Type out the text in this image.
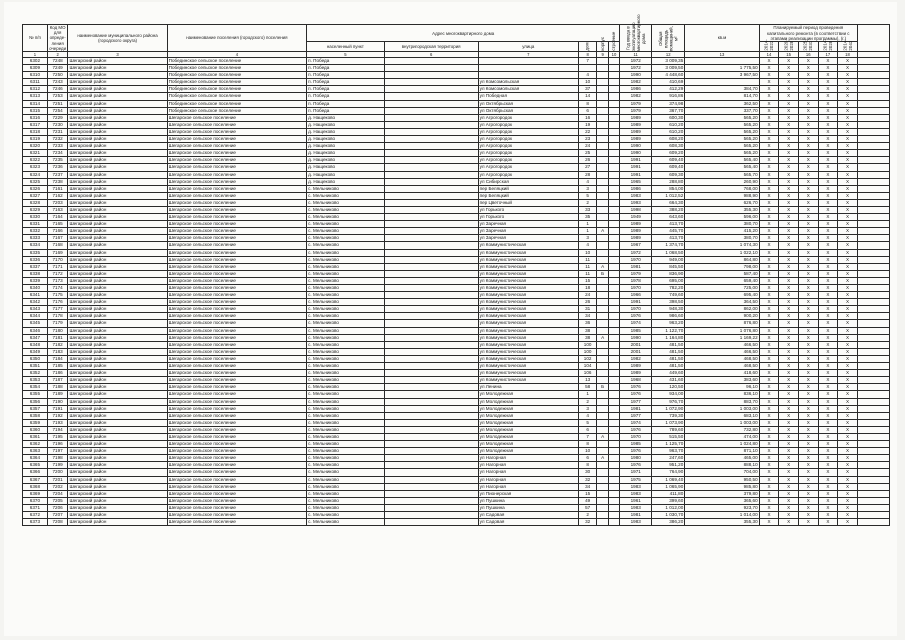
№ п/п	Код МО для опреде-ления очереди	наименование муниципального района (городского округа)	наименование поселения (городского) поселения	Адрес многоквартирного дома						Год ввода в эксплуатацию многоквартирного дома	Общая площадь помещений, м²	кв.м	Планируемый период проведения капитального ремонта (в соответствии с этапами реализации программы), (г.)					
				населенный пункт	внутригородская территория	улица	дом	корпус	строение				2014-2023	2020-2028	2025-2031	2014-2028	2014-2043	
1	2	3	4	5	6	7	8	9	10	11	12	13	14	15	16	17	18	
6302	7248	Шегарский район	Побединское сельское поселение	п. Победа			7			1972	3 009,35		X	X	X	X	X	
6309	7249	Шегарский район	Побединское сельское поселение	п. Победа						1972	3 009,50	1 775,50	X	X	X	X	X	
6310	7250	Шегарский район	Побединское сельское поселение	п. Победа			4			1990	4 448,60	3 967,50	X	X	X	X	X	
6311	7243	Шегарский район	Побединское сельское поселение	п. Победа		ул Комсомольская	10			1982	410,69		X	X	X	X	X	
6312	7246	Шегарский район	Побединское сельское поселение	п. Победа		ул Комсомольская	37			1986	412,29	384,70	X	X	X	X	X	
6313	7253	Шегарский район	Побединское сельское поселение	п. Победа		ул Победная	14			1982	916,86	814,70	X	X	X	X	X	
6314	7251	Шегарский район	Побединское сельское поселение	п. Победа		ул Октябрьская	8			1979	374,98	362,50	X	X	X	X	X	
6315	7254	Шегарский район	Побединское сельское поселение	п. Победа		ул Октябрьская	6			1979	367,70	337,70	X	X	X	X	X	
6316	7229	Шегарский район	Шегарское сельское поселение	д. Нащеково		ул Агрогородок	16			1989	600,30	565,20	X	X	X	X	X	
6317	7230	Шегарский район	Шегарское сельское поселение	д. Нащеково		ул Агрогородок	19			1989	610,20	565,20	X	X	X	X	X	
6318	7231	Шегарский район	Шегарское сельское поселение	д. Нащеково		ул Агрогородок	22			1989	610,20	565,20	X	X	X	X	X	
6319	7232	Шегарский район	Шегарское сельское поселение	д. Нащеково		ул Агрогородок	23			1989	608,20	565,20	X	X	X	X	X	
6320	7233	Шегарский район	Шегарское сельское поселение	д. Нащеково		ул Агрогородок	24			1990	608,30	565,20	X	X	X	X	X	
6321	7234	Шегарский район	Шегарское сельское поселение	д. Нащеково		ул Агрогородок	25			1990	609,20	565,20	X	X	X	X	X	
6322	7235	Шегарский район	Шегарское сельское поселение	д. Нащеково		ул Агрогородок	26			1991	609,40	565,40	X	X	X	X	X	
6323	7236	Шегарский район	Шегарское сельское поселение	д. Нащеково		ул Агрогородок	27			1991	609,40	565,40	X	X	X	X	X	
6324	7237	Шегарский район	Шегарское сельское поселение	д. Нащеково		ул Агрогородок	28			1991	609,30	565,70	X	X	X	X	X	
6325	7238	Шегарский район	Шегарское сельское поселение	д. Нащеково		ул Сибирская	4			1965	288,80	260,90	X	X	X	X	X	
6326	7161	Шегарский район	Шегарское сельское поселение	с. Мельниково		пер Беляцкий	3			1986	854,00	768,00	X	X	X	X	X	
6327	7162	Шегарский район	Шегарское сельское поселение	с. Мельниково		пер Беляцкий	5			1983	1 012,52	988,90	X	X	X	X	X	
6328	7203	Шегарский район	Шегарское сельское поселение	с. Мельниково		пер Цветочный	2			1993	664,30	626,70	X	X	X	X	X	
6329	7163	Шегарский район	Шегарское сельское поселение	с. Мельниково		ул Горького	33			1998	388,20	355,30	X	X	X	X	X	
6330	7164	Шегарский район	Шегарское сельское поселение	с. Мельниково		ул Горького	35			1949	643,60	596,00	X	X	X	X	X	
6331	7165	Шегарский район	Шегарское сельское поселение	с. Мельниково		ул Заречная	1			1989	413,70	380,70	X	X	X	X	X	
6332	7166	Шегарский район	Шегарское сельское поселение	с. Мельниково		ул Заречная	1	А		1989	445,70	415,20	X	X	X	X	X	
6333	7167	Шегарский район	Шегарское сельское поселение	с. Мельниково		ул Заречная	3			1989	413,70	380,70	X	X	X	X	X	
6334	7168	Шегарский район	Шегарское сельское поселение	с. Мельниково		ул Коммунистическая	4			1967	1 374,70	1 074,30	X	X	X	X	X	
6335	7169	Шегарский район	Шегарское сельское поселение	с. Мельниково		ул Коммунистическая	10			1972	1 068,50	1 022,10	X	X	X	X	X	
6336	7170	Шегарский район	Шегарское сельское поселение	с. Мельниково		ул Коммунистическая	11			1970	949,00	864,80	X	X	X	X	X	
6337	7171	Шегарский район	Шегарское сельское поселение	с. Мельниково		ул Коммунистическая	11	А		1981	845,50	798,00	X	X	X	X	X	
6338	7172	Шегарский район	Шегарское сельское поселение	с. Мельниково		ул Коммунистическая	11	Б		1979	836,90	587,40	X	X	X	X	X	
6339	7173	Шегарский район	Шегарское сельское поселение	с. Мельниково		ул Коммунистическая	15			1978	695,00	659,40	X	X	X	X	X	
6340	7174	Шегарский район	Шегарское сельское поселение	с. Мельниково		ул Коммунистическая	18			1970	782,20	725,00	X	X	X	X	X	
6341	7175	Шегарский район	Шегарское сельское поселение	с. Мельниково		ул Коммунистическая	24			1966	749,60	695,40	X	X	X	X	X	
6342	7176	Шегарский район	Шегарское сельское поселение	с. Мельниково		ул Коммунистическая	26			1991	398,50	364,50	X	X	X	X	X	
6343	7177	Шегарский район	Шегарское сельское поселение	с. Мельниково		ул Коммунистическая	31			1970	948,30	862,00	X	X	X	X	X	
6344	7178	Шегарский район	Шегарское сельское поселение	с. Мельниково		ул Коммунистическая	34			1976	986,60	900,20	X	X	X	X	X	
6345	7179	Шегарский район	Шегарское сельское поселение	с. Мельниково		ул Коммунистическая	36			1974	963,20	876,80	X	X	X	X	X	
6346	7180	Шегарский район	Шегарское сельское поселение	с. Мельниково		ул Коммунистическая	38			1985	1 122,70	1 076,80	X	X	X	X	X	
6347	7181	Шегарский район	Шегарское сельское поселение	с. Мельниково		ул Коммунистическая	38	А		1990	1 164,80	1 169,22	X	X	X	X	X	
6348	7182	Шегарский район	Шегарское сельское поселение	с. Мельниково		ул Коммунистическая	100			2001	481,50	466,50	X	X	X	X	X	
6349	7183	Шегарский район	Шегарское сельское поселение	с. Мельниково		ул Коммунистическая	100			2001	481,50	466,50	X	X	X	X	X	
6350	7184	Шегарский район	Шегарское сельское поселение	с. Мельниково		ул Коммунистическая	102			1982	481,50	468,50	X	X	X	X	X	
6351	7185	Шегарский район	Шегарское сельское поселение	с. Мельниково		ул Коммунистическая	104			1989	481,50	468,50	X	X	X	X	X	
6352	7186	Шегарский район	Шегарское сельское поселение	с. Мельниково		ул Коммунистическая	106			1989	449,60	418,60	X	X	X	X	X	
6353	7187	Шегарский район	Шегарское сельское поселение	с. Мельниково		ул Коммунистическая	13			1968	431,60	383,60	X	X	X	X	X	
6354	7188	Шегарский район	Шегарское сельское поселение	с. Мельниково		ул Ленина	58	Б		1976	120,50	96,10	X	X	X	X	X	
6355	7189	Шегарский район	Шегарское сельское поселение	с. Мельниково		ул Молодежная	1			1976	934,00	836,10	X	X	X	X	X	
6356	7190	Шегарский район	Шегарское сельское поселение	с. Мельниково		ул Молодежная	2			1977	976,70	883,70	X	X	X	X	X	
6357	7191	Шегарский район	Шегарское сельское поселение	с. Мельниково		ул Молодежная	3			1981	1 072,90	1 003,00	X	X	X	X	X	
6358	7192	Шегарский район	Шегарское сельское поселение	с. Мельниково		ул Молодежная	4			1977	739,30	683,10	X	X	X	X	X	
6359	7193	Шегарский район	Шегарское сельское поселение	с. Мельниково		ул Молодежная	5			1974	1 073,90	1 003,00	X	X	X	X	X	
6360	7194	Шегарский район	Шегарское сельское поселение	с. Мельниково		ул Молодежная	6			1976	789,60	732,80	X	X	X	X	X	
6361	7195	Шегарский район	Шегарское сельское поселение	с. Мельниково		ул Молодежная	7	А		1970	515,50	474,00	X	X	X	X	X	
6362	7196	Шегарский район	Шегарское сельское поселение	с. Мельниково		ул Молодежная	8			1985	1 125,70	1 024,80	X	X	X	X	X	
6363	7197	Шегарский район	Шегарское сельское поселение	с. Мельниково		ул Молодежная	10			1976	963,70	871,10	X	X	X	X	X	
6364	7198	Шегарский район	Шегарское сельское поселение	с. Мельниково		ул Нагорная	6	А		1980	247,60	465,00	X	X	X	X	X	
6365	7199	Шегарский район	Шегарское сельское поселение	с. Мельниково		ул Нагорная	8			1976	951,20	888,10	X	X	X	X	X	
6366	7200	Шегарский район	Шегарское сельское поселение	с. Мельниково		ул Нагорная	30			1971	764,90	704,00	X	X	X	X	X	
6367	7201	Шегарский район	Шегарское сельское поселение	с. Мельниково		ул Нагорная	32			1975	1 069,40	950,50	X	X	X	X	X	
6368	7202	Шегарский район	Шегарское сельское поселение	с. Мельниково		ул Нагорная	34			1983	1 065,90	985,80	X	X	X	X	X	
6369	7204	Шегарский район	Шегарское сельское поселение	с. Мельниково		ул Пионерская	15			1983	411,80	379,80	X	X	X	X	X	
6370	7205	Шегарский район	Шегарское сельское поселение	с. Мельниково		ул Пушкина	49			1961	399,60	365,60	X	X	X	X	X	
6371	7206	Шегарский район	Шегарское сельское поселение	с. Мельниково		ул Пушкина	57			1983	1 012,00	923,70	X	X	X	X	X	
6372	7207	Шегарский район	Шегарское сельское поселение	с. Мельниково		ул Садовая	2			1981	1 030,70	1 014,00	X	X	X	X	X	
6373	7208	Шегарский район	Шегарское сельское поселение	с. Мельниково		ул Садовая	32			1983	386,20	355,30	X	X	X	X	X	
